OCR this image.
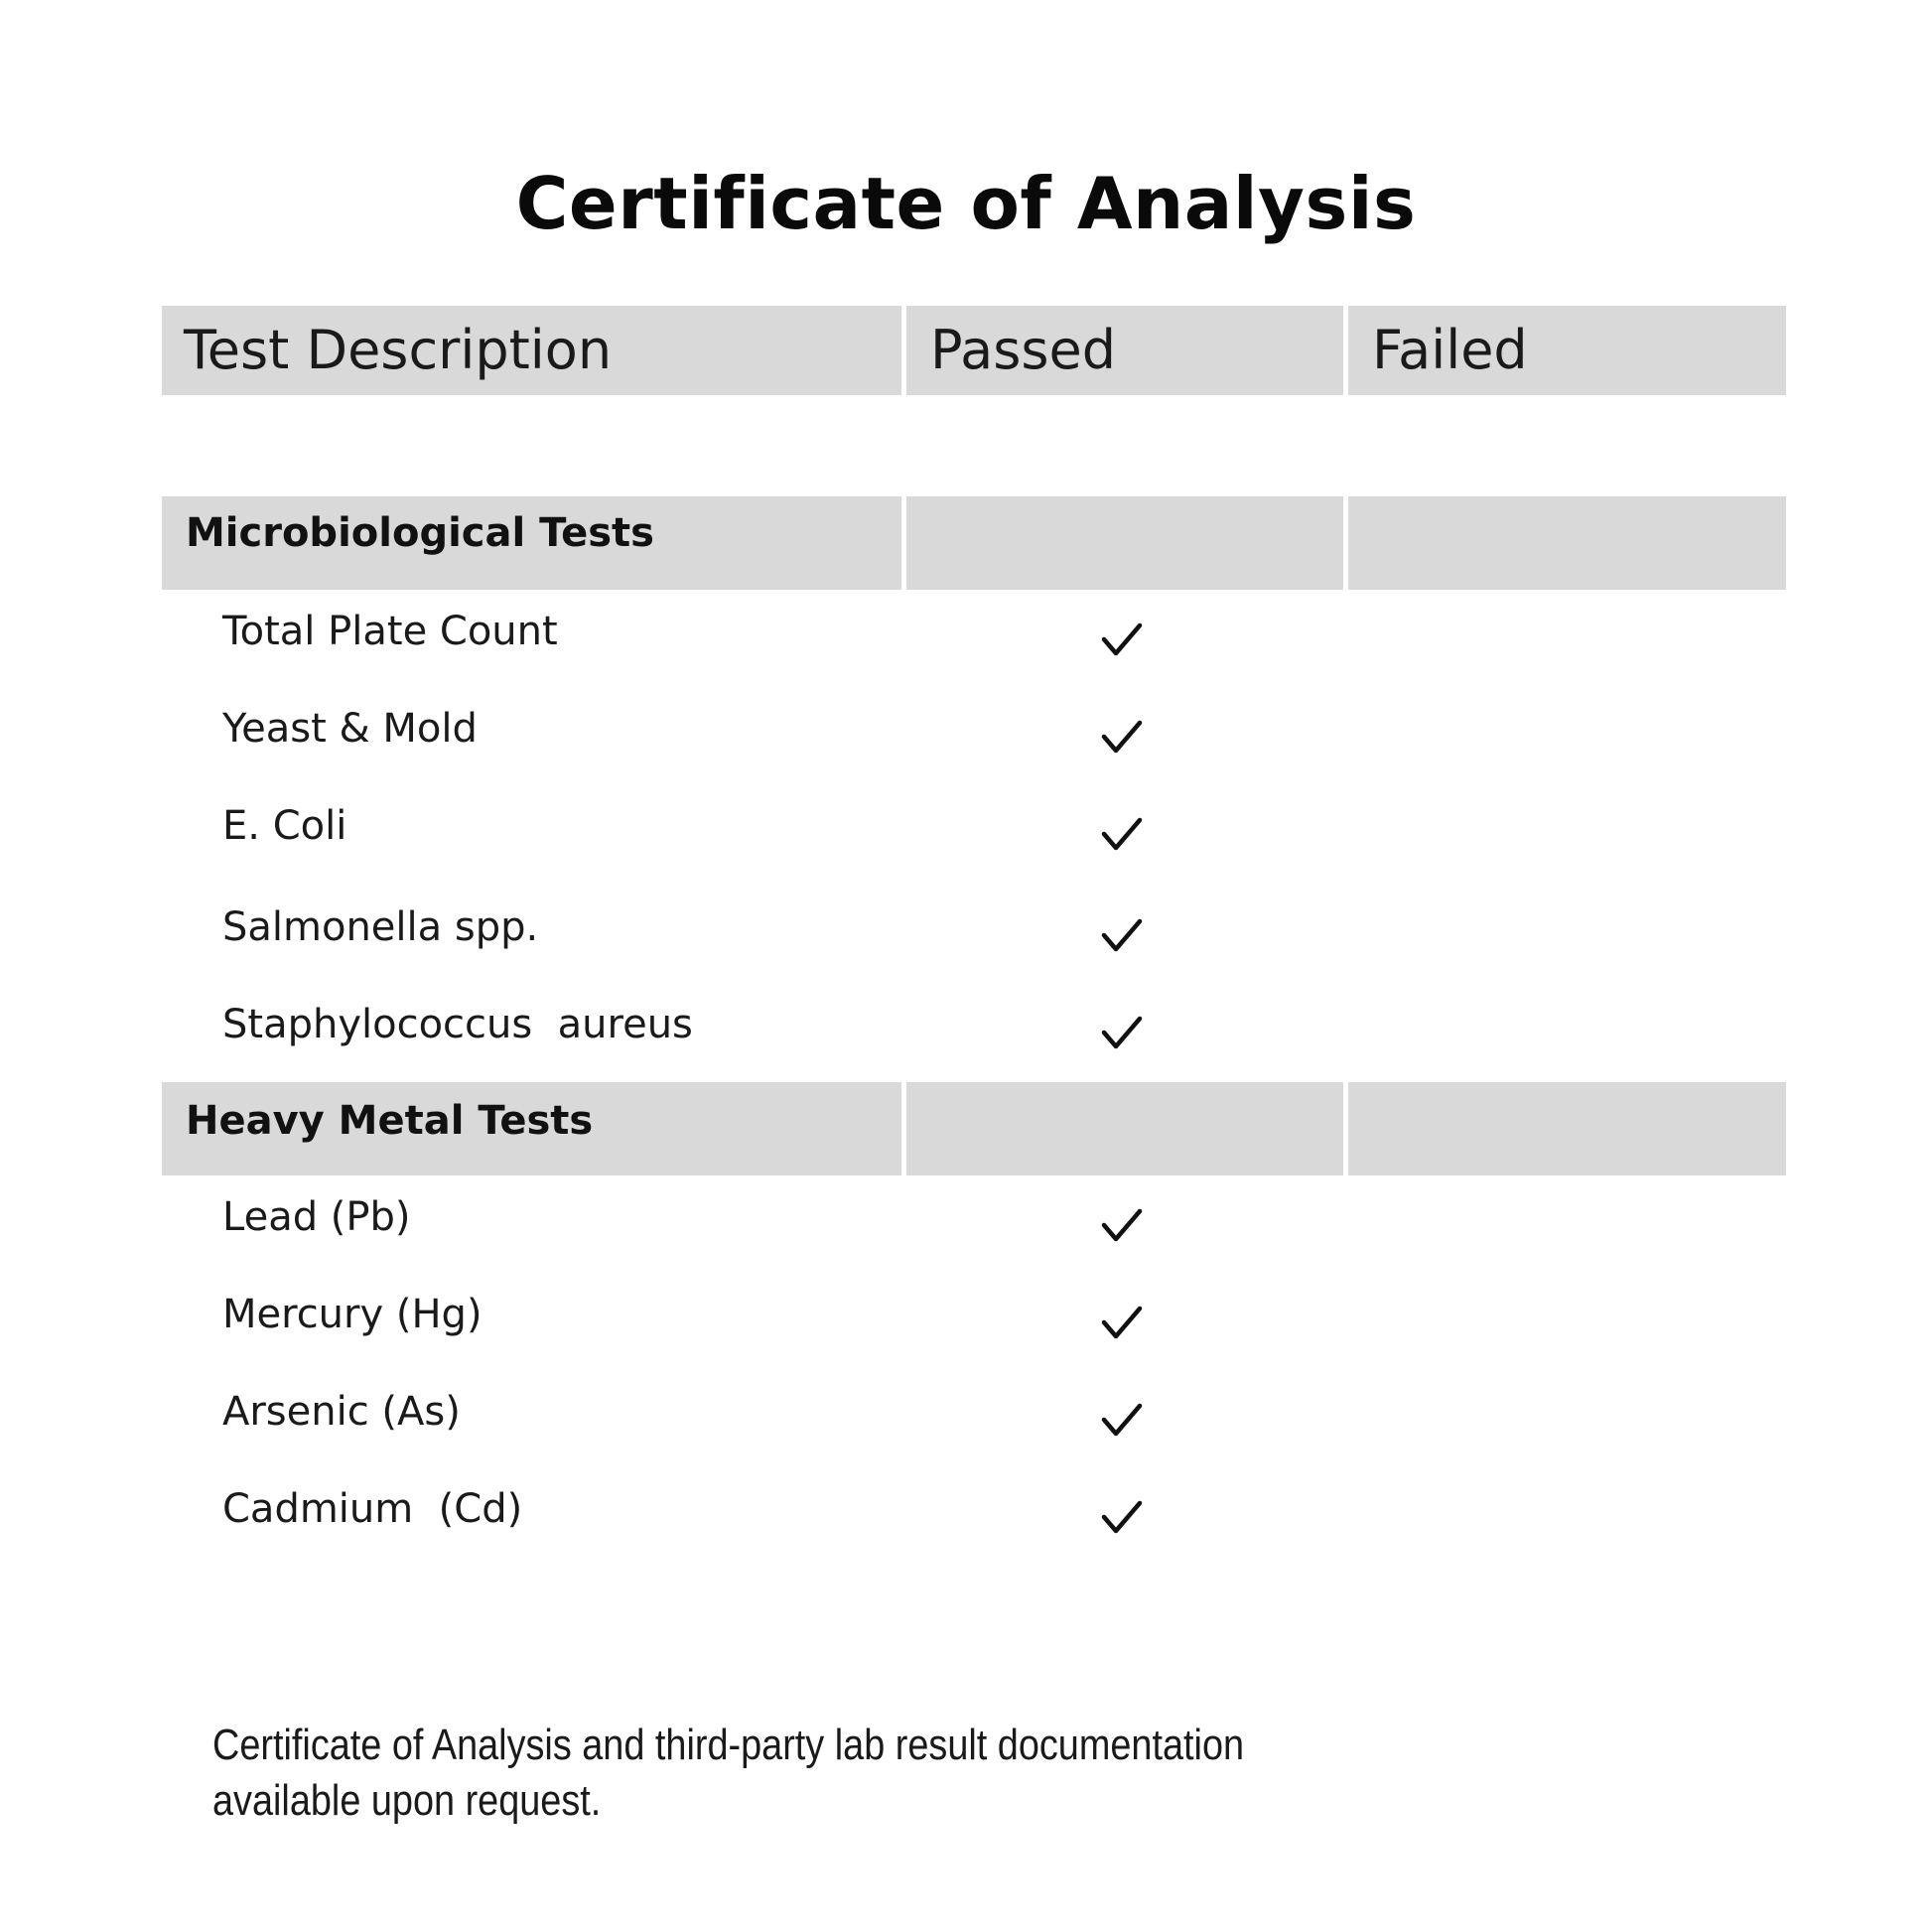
Certificate of Analysis
Test Description	Passed	Failed
Microbiological Tests
Total Plate Count
Yeast & Mold
E. Coli
Salmonella spp.
Staphylococcus  aureus
Heavy Metal Tests
Lead (Pb)
Mercury (Hg)
Arsenic (As)
Cadmium  (Cd)
Certificate of Analysis and third-party lab result documentation available upon request.
